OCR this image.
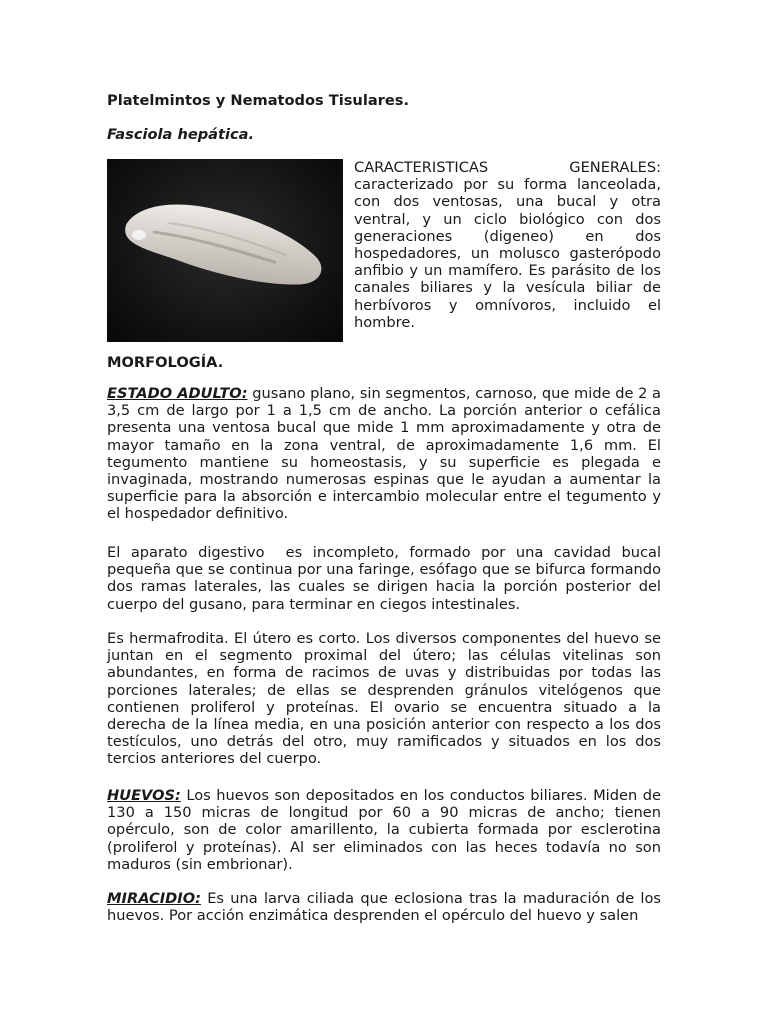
Platelmintos y Nematodos Tisulares.

Fasciola hepática.

CARACTERISTICAS	GENERALES:

caracterizado por su forma lanceolada, con dos ventosas, una bucal y otra ventral, y un ciclo biológico con dos generaciones (digeneo) en dos hospedadores, un molusco gasterópodo anfibio y un mamífero. Es parásito de los canales biliares y la vesícula biliar de herbívoros y omnívoros, incluido el hombre.

MORFOLOGÍA.

ESTADO ADULTO: gusano plano, sin segmentos, carnoso, que mide de 2 a 3,5 cm de largo por 1 a 1,5 cm de ancho. La porción anterior o cefálica presenta una ventosa bucal que mide 1 mm aproximadamente y otra de mayor tamaño en la zona ventral, de aproximadamente 1,6 mm. El tegumento mantiene su homeostasis, y su superficie es plegada e invaginada, mostrando numerosas espinas que le ayudan a aumentar la superficie para la absorción e intercambio molecular entre el tegumento y el hospedador definitivo.

El aparato digestivo  es incompleto, formado por una cavidad bucal pequeña que se continua por una faringe, esófago que se bifurca formando dos ramas laterales, las cuales se dirigen hacia la porción posterior del cuerpo del gusano, para terminar en ciegos intestinales.

Es hermafrodita. El útero es corto. Los diversos componentes del huevo se juntan en el segmento proximal del útero; las células vitelinas son abundantes, en forma de racimos de uvas y distribuidas por todas las porciones laterales; de ellas se desprenden gránulos vitelógenos que contienen proliferol y proteínas. El ovario se encuentra situado a la derecha de la línea media, en una posición anterior con respecto a los dos testículos, uno detrás del otro, muy ramificados y situados en los dos tercios anteriores del cuerpo.

HUEVOS: Los huevos son depositados en los conductos biliares. Miden de 130 a 150 micras de longitud por 60 a 90 micras de ancho; tienen opérculo, son de color amarillento, la cubierta formada por esclerotina (proliferol y proteínas). Al ser eliminados con las heces todavía no son maduros (sin embrionar).

MIRACIDIO: Es una larva ciliada que eclosiona tras la maduración de los huevos. Por acción enzimática desprenden el opérculo del huevo y salen
